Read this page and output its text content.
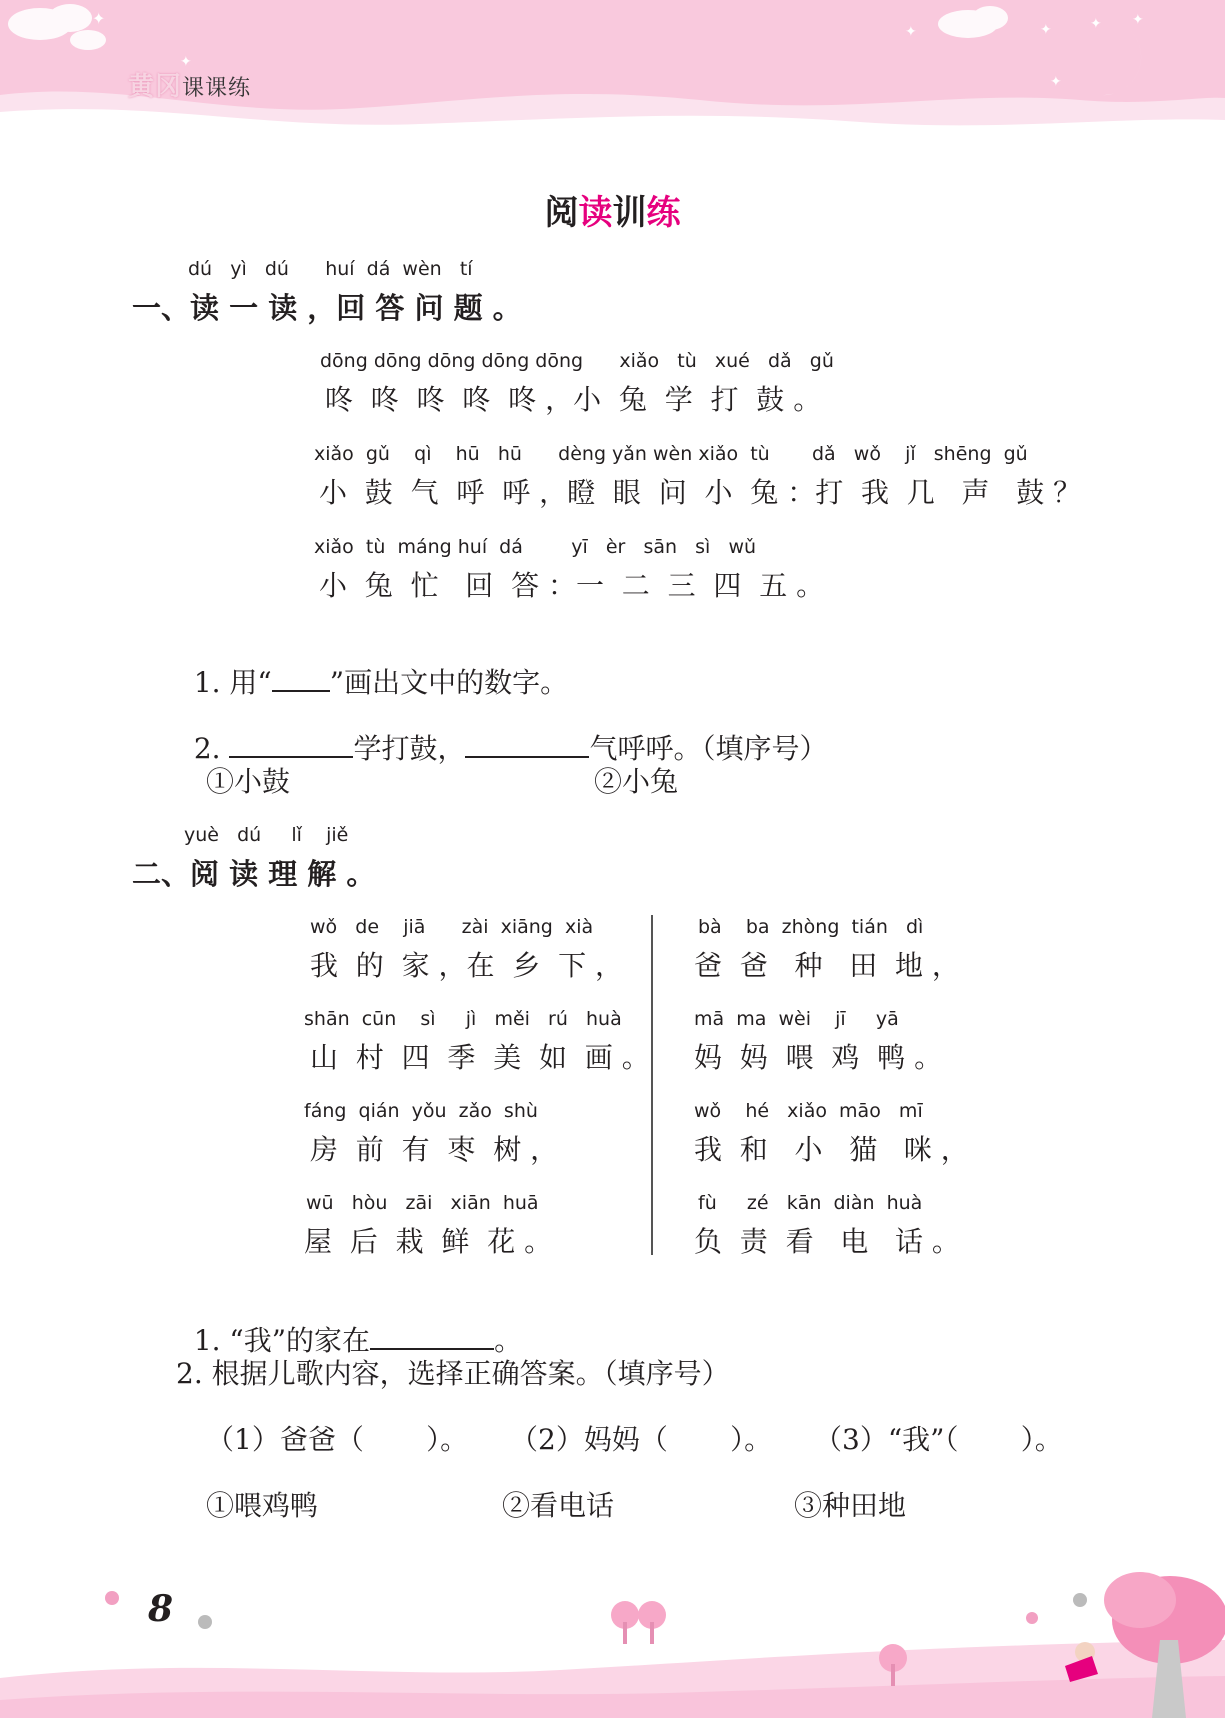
✦
✦
✦	✦	✦
✦
✦
黄冈课课练
阅读训练
dú   yì   dú      huí  dá  wèn   tí
一、读 一 读 ，回 答 问 题 。
dōng dōng dōng dōng dōng      xiǎo   tù   xué   dǎ   gǔ
咚  咚  咚  咚  咚 ，小  兔  学  打  鼓 。
xiǎo  gǔ    qì    hū   hū      dèng yǎn wèn xiǎo  tù       dǎ   wǒ    jǐ   shēng  gǔ
小  鼓  气  呼  呼 ，瞪  眼  问  小  兔 ：打  我  几   声   鼓 ？
xiǎo  tù  máng huí  dá        yī   èr   sān   sì   wǔ
小  兔  忙   回  答 ：一  二  三  四  五 。

1. 用“ ”画出文中的数字。

2.	学打鼓，	气呼呼。（填序号）

①小鼓	②小兔
yuè   dú     lǐ    jiě
二、阅 读 理 解 。
wǒ   de    jiā      zài  xiāng  xià
我  的  家 ，在  乡  下 ，
shān  cūn    sì     jì   měi   rú   huà
山  村  四  季  美  如  画 。
fáng  qián  yǒu  zǎo  shù
房  前  有  枣  树 ，
wū   hòu   zāi   xiān  huā
屋  后  栽  鲜  花 。
bà    ba  zhòng  tián   dì
爸  爸   种   田  地 ，
mā  ma  wèi    jī     yā
妈  妈  喂  鸡  鸭 。
wǒ    hé   xiǎo  māo   mī
我  和   小   猫   咪 ，
fù     zé   kān  diàn  huà
负  责  看   电   话 。

1. “我”的家在	。

2. 根据儿歌内容，选择正确答案。（填序号）
（1）爸爸（       ）。 （2）妈妈（       ）。 （3）“我”（       ）。
①喂鸡鸭	②看电话	③种田地
8
